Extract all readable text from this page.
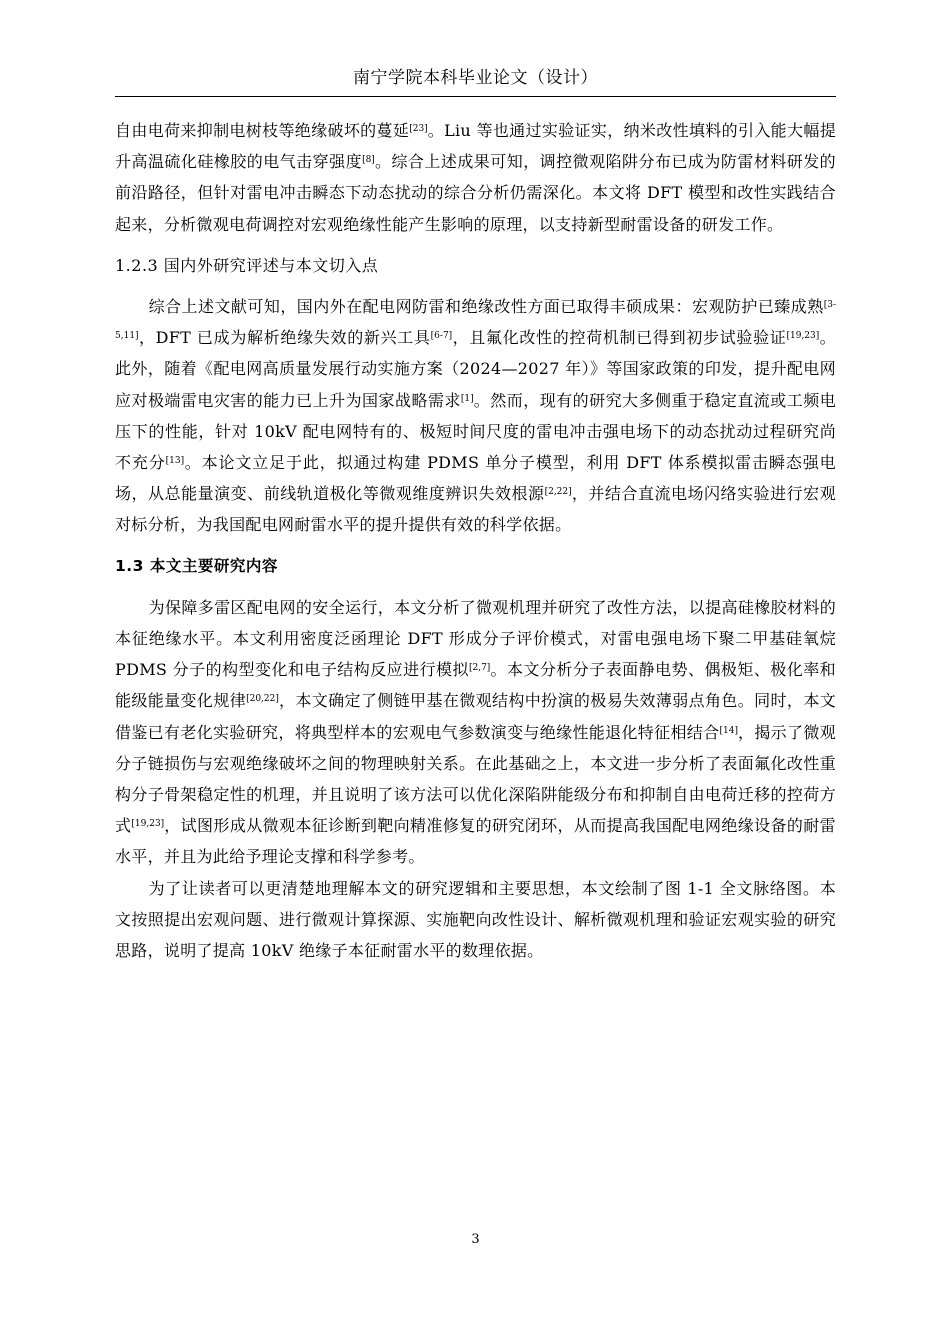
南宁学院本科毕业论文（设计）

自由电荷来抑制电树枝等绝缘破坏的蔓延[23]。Liu 等也通过实验证实，纳米改性填料的引入能大幅提升高温硫化硅橡胶的电气击穿强度[8]。综合上述成果可知，调控微观陷阱分布已成为防雷材料研发的前沿路径，但针对雷电冲击瞬态下动态扰动的综合分析仍需深化。本文将 DFT 模型和改性实践结合起来，分析微观电荷调控对宏观绝缘性能产生影响的原理，以支持新型耐雷设备的研发工作。

1.2.3 国内外研究评述与本文切入点

综合上述文献可知，国内外在配电网防雷和绝缘改性方面已取得丰硕成果：宏观防护已臻成熟[3-5,11]，DFT 已成为解析绝缘失效的新兴工具[6-7]，且氟化改性的控荷机制已得到初步试验验证[19,23]。此外，随着《配电网高质量发展行动实施方案（2024—2027 年）》等国家政策的印发，提升配电网应对极端雷电灾害的能力已上升为国家战略需求[1]。然而，现有的研究大多侧重于稳定直流或工频电压下的性能，针对 10kV 配电网特有的、极短时间尺度的雷电冲击强电场下的动态扰动过程研究尚不充分[13]。本论文立足于此，拟通过构建 PDMS 单分子模型，利用 DFT 体系模拟雷击瞬态强电场，从总能量演变、前线轨道极化等微观维度辨识失效根源[2,22]，并结合直流电场闪络实验进行宏观对标分析，为我国配电网耐雷水平的提升提供有效的科学依据。

1.3 本文主要研究内容

为保障多雷区配电网的安全运行，本文分析了微观机理并研究了改性方法，以提高硅橡胶材料的本征绝缘水平。本文利用密度泛函理论 DFT 形成分子评价模式，对雷电强电场下聚二甲基硅氧烷 PDMS 分子的构型变化和电子结构反应进行模拟[2,7]。本文分析分子表面静电势、偶极矩、极化率和能级能量变化规律[20,22]，本文确定了侧链甲基在微观结构中扮演的极易失效薄弱点角色。同时，本文借鉴已有老化实验研究，将典型样本的宏观电气参数演变与绝缘性能退化特征相结合[14]，揭示了微观分子链损伤与宏观绝缘破坏之间的物理映射关系。在此基础之上，本文进一步分析了表面氟化改性重构分子骨架稳定性的机理，并且说明了该方法可以优化深陷阱能级分布和抑制自由电荷迁移的控荷方式[19,23]，试图形成从微观本征诊断到靶向精准修复的研究闭环，从而提高我国配电网绝缘设备的耐雷水平，并且为此给予理论支撑和科学参考。

为了让读者可以更清楚地理解本文的研究逻辑和主要思想，本文绘制了图 1-1 全文脉络图。本文按照提出宏观问题、进行微观计算探源、实施靶向改性设计、解析微观机理和验证宏观实验的研究思路，说明了提高 10kV 绝缘子本征耐雷水平的数理依据。

3
